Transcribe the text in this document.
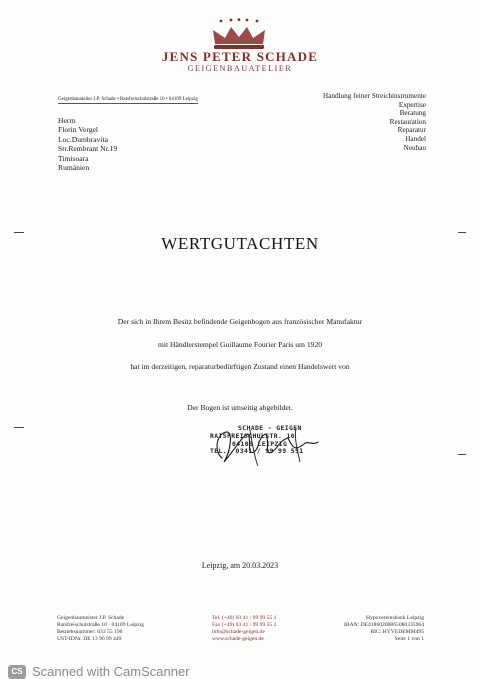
JENS PETER SCHADE
GEIGENBAUATELIER
Geigenbauatelier J.P. Schade • Ratsfreischulstraße 10 • 04109 Leipzig	Handlung feiner Streichinstrumente
Expertise
Beratung
Restauration
Reparatur
Handel
Neubau
Herrn
Florin Vergel
Loc.Dumbravita
Str.Rembrant Nr.19
Timisoara
Rumänien
WERTGUTACHTEN
Der sich in Ihrem Besitz befindende Geigenbogen aus französischer Manufaktur
mit Händlerstempel Guillaume Fourier Paris um 1920
hat im derzeitigen, reparaturbedürftigen Zustand einen Handelswert von
Der Bogen ist umseitig abgebildet.
SCHADE - GEIGEN
RATSFREISCHULSTR. 10
04109 LEIPZIG
TEL.: 0341 / 99 99 551
Leipzig, am 20.03.2023
Geigenbaumeister J.P. Schade
Ratsfreischulstraße 10 · 04109 Leipzig
Betriebsnummer: 033 55 196
UST-IDNr. DE 13 96 99 449
Tel. (+49) 03 41 / 99 99 55 1
Fax (+49) 03 41 / 99 99 55 2
info@schade-geigen.de
www.schade-geigen.de
Hypovereinsbank Leipzig
IBAN: DE41860200865080335964
BIC: HYVEDEMM495
Seite 1 von 1
CS Scanned with CamScanner
